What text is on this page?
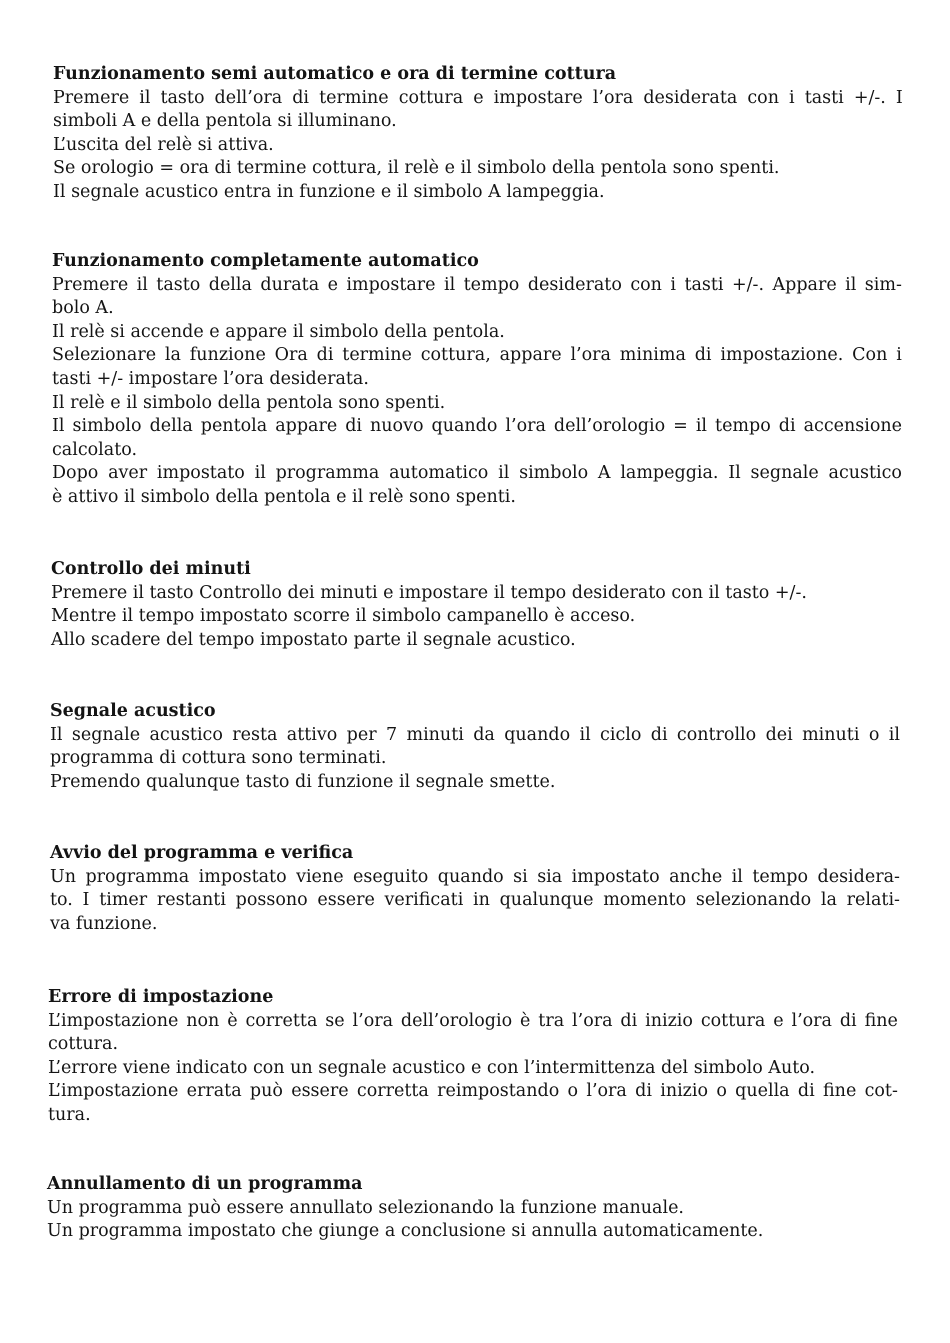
Funzionamento semi automatico e ora di termine cottura

Premere il tasto dell’ora di termine cottura e impostare l’ora desiderata con i tasti +/-. I

simboli A e della pentola si illuminano.

L’uscita del relè si attiva.

Se orologio = ora di termine cottura, il relè e il simbolo della pentola sono spenti.

Il segnale acustico entra in funzione e il simbolo A lampeggia.

Funzionamento completamente automatico

Premere il tasto della durata e impostare il tempo desiderato con i tasti +/-. Appare il sim-

bolo A.

Il relè si accende e appare il simbolo della pentola.

Selezionare la funzione Ora di termine cottura, appare l’ora minima di impostazione. Con i

tasti +/- impostare l’ora desiderata.

Il relè e il simbolo della pentola sono spenti.

Il simbolo della pentola appare di nuovo quando l’ora dell’orologio = il tempo di accensione

calcolato.

Dopo aver impostato il programma automatico il simbolo A lampeggia. Il segnale acustico

è attivo il simbolo della pentola e il relè sono spenti.

Controllo dei minuti

Premere il tasto Controllo dei minuti e impostare il tempo desiderato con il tasto +/-.

Mentre il tempo impostato scorre il simbolo campanello è acceso.

Allo scadere del tempo impostato parte il segnale acustico.

Segnale acustico

Il segnale acustico resta attivo per 7 minuti da quando il ciclo di controllo dei minuti o il

programma di cottura sono terminati.

Premendo qualunque tasto di funzione il segnale smette.

Avvio del programma e verifica

Un programma impostato viene eseguito quando si sia impostato anche il tempo desidera-

to. I timer restanti possono essere verificati in qualunque momento selezionando la relati-

va funzione.

Errore di impostazione

L’impostazione non è corretta se l’ora dell’orologio è tra l’ora di inizio cottura e l’ora di fine

cottura.

L’errore viene indicato con un segnale acustico e con l’intermittenza del simbolo Auto.

L’impostazione errata può essere corretta reimpostando o l’ora di inizio o quella di fine cot-

tura.

Annullamento di un programma

Un programma può essere annullato selezionando la funzione manuale.

Un programma impostato che giunge a conclusione si annulla automaticamente.
